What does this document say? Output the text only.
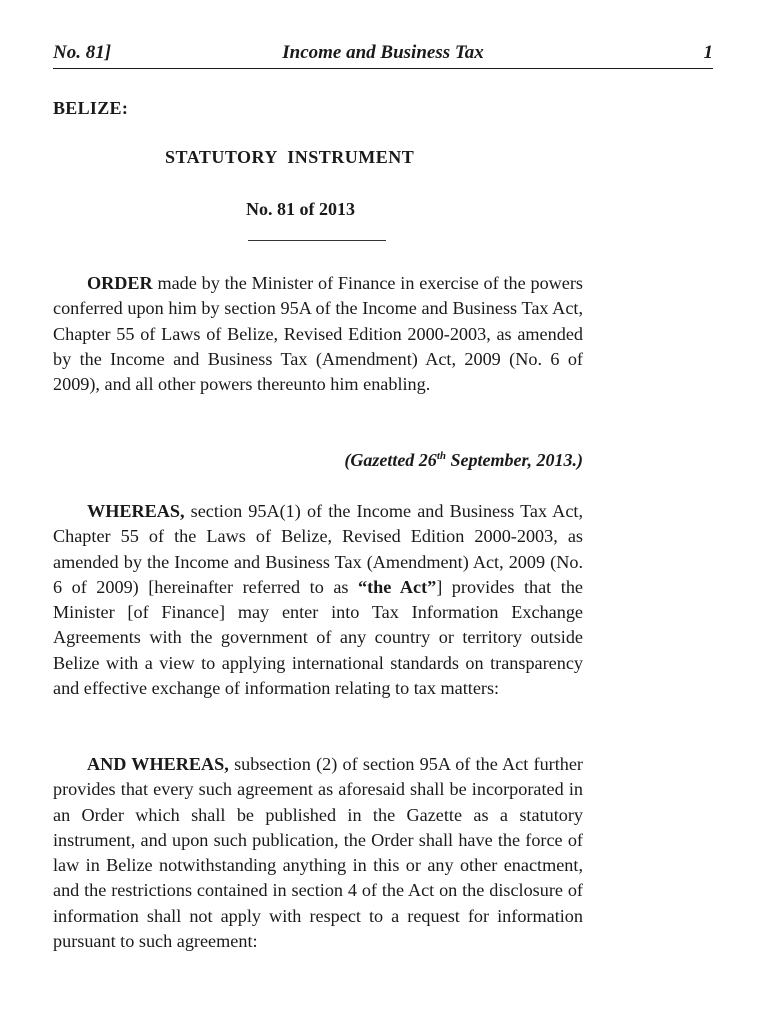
No. 81]	Income and Business Tax	1
BELIZE:
STATUTORY INSTRUMENT
No. 81 of 2013

ORDER made by the Minister of Finance in exercise of the powers conferred upon him by section 95A of the Income and Business Tax Act, Chapter 55 of Laws of Belize, Revised Edition 2000-2003, as amended by the Income and Business Tax (Amendment) Act, 2009 (No. 6 of 2009), and all other powers thereunto him enabling.

(Gazetted 26th September, 2013.)

WHEREAS, section 95A(1) of the Income and Business Tax Act, Chapter 55 of the Laws of Belize, Revised Edition 2000-2003, as amended by the Income and Business Tax (Amendment) Act, 2009 (No. 6 of 2009) [hereinafter referred to as “the Act”] provides that the Minister [of Finance] may enter into Tax Information Exchange Agreements with the government of any country or territory outside Belize with a view to applying international standards on transparency and effective exchange of information relating to tax matters:

AND WHEREAS, subsection (2) of section 95A of the Act further provides that every such agreement as aforesaid shall be incorporated in an Order which shall be published in the Gazette as a statutory instrument, and upon such publication, the Order shall have the force of law in Belize notwithstanding anything in this or any other enactment, and the restrictions contained in section 4 of the Act on the disclosure of information shall not apply with respect to a request for information pursuant to such agreement:
